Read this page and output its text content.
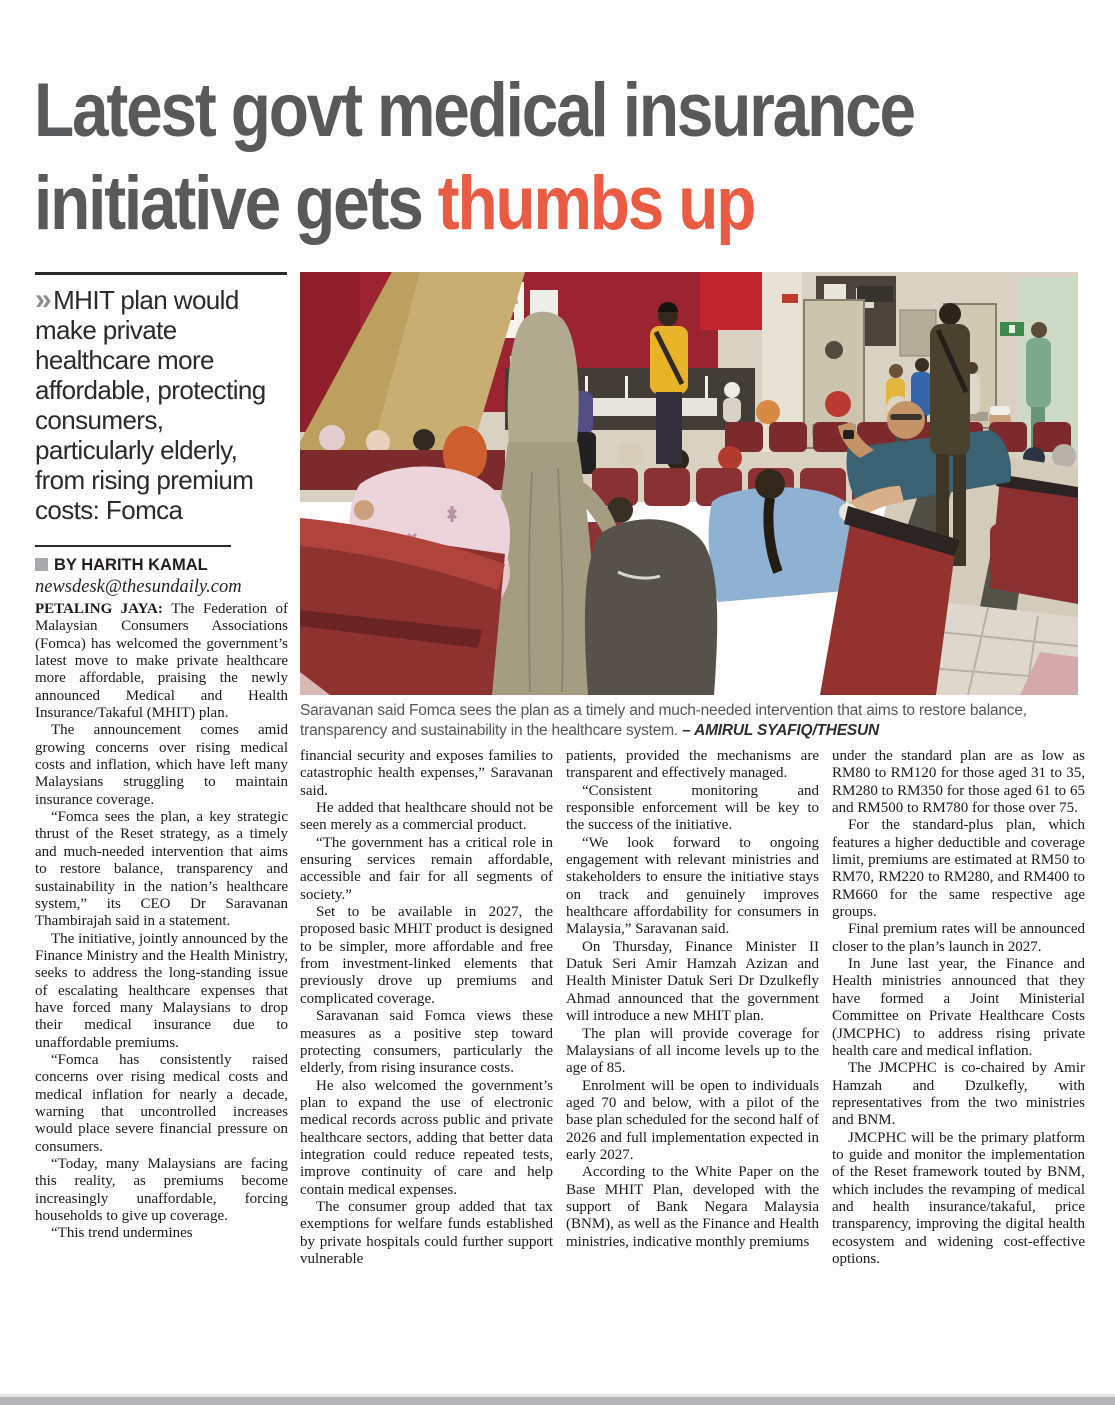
Latest govt medical insurance
initiative gets thumbs up
»MHIT plan would make private healthcare more affordable, protecting consumers, particularly elderly, from rising premium costs: Fomca
BY HARITH KAMAL
newsdesk@thesundaily.com
Saravanan said Fomca sees the plan as a timely and much-needed intervention that aims to restore balance, transparency and sustainability in the healthcare system. – AMIRUL SYAFIQ/THESUN

PETALING JAYA: The Federation of Malaysian Consumers Associations (Fomca) has welcomed the government’s latest move to make private healthcare more affordable, praising the newly announced Medical and Health Insurance/Takaful (MHIT) plan.

The announcement comes amid growing concerns over rising medical costs and inflation, which have left many Malaysians struggling to maintain insurance coverage.

“Fomca sees the plan, a key strategic thrust of the Reset strategy, as a timely and much-needed intervention that aims to restore balance, transparency and sustainability in the nation’s healthcare system,” its CEO Dr Saravanan Thambirajah said in a statement.

The initiative, jointly announced by the Finance Ministry and the Health Ministry, seeks to address the long-standing issue of escalating healthcare expenses that have forced many Malaysians to drop their medical insurance due to unaffordable premiums.

“Fomca has consistently raised concerns over rising medical costs and medical inflation for nearly a decade, warning that uncontrolled increases would place severe financial pressure on consumers.

“Today, many Malaysians are facing this reality, as premiums become increasingly unaffordable, forcing households to give up coverage.

“This trend undermines

financial security and exposes families to catastrophic health expenses,” Saravanan said.

He added that healthcare should not be seen merely as a commercial product.

“The government has a critical role in ensuring services remain affordable, accessible and fair for all segments of society.”

Set to be available in 2027, the proposed basic MHIT product is designed to be simpler, more affordable and free from investment-linked elements that previously drove up premiums and complicated coverage.

Saravanan said Fomca views these measures as a positive step toward protecting consumers, particularly the elderly, from rising insurance costs.

He also welcomed the government’s plan to expand the use of electronic medical records across public and private healthcare sectors, adding that better data integration could reduce repeated tests, improve continuity of care and help contain medical expenses.

The consumer group added that tax exemptions for welfare funds established by private hospitals could further support vulnerable

patients, provided the mechanisms are transparent and effectively managed.

“Consistent monitoring and responsible enforcement will be key to the success of the initiative.

“We look forward to ongoing engagement with relevant ministries and stakeholders to ensure the initiative stays on track and genuinely improves healthcare affordability for consumers in Malaysia,” Saravanan said.

On Thursday, Finance Minister II Datuk Seri Amir Hamzah Azizan and Health Minister Datuk Seri Dr Dzulkefly Ahmad announced that the government will introduce a new MHIT plan.

The plan will provide coverage for Malaysians of all income levels up to the age of 85.

Enrolment will be open to individuals aged 70 and below, with a pilot of the base plan scheduled for the second half of 2026 and full implementation expected in early 2027.

According to the White Paper on the Base MHIT Plan, developed with the support of Bank Negara Malaysia (BNM), as well as the Finance and Health ministries, indicative monthly premiums

under the standard plan are as low as RM80 to RM120 for those aged 31 to 35, RM280 to RM350 for those aged 61 to 65 and RM500 to RM780 for those over 75.

For the standard-plus plan, which features a higher deductible and coverage limit, premiums are estimated at RM50 to RM70, RM220 to RM280, and RM400 to RM660 for the same respective age groups.

Final premium rates will be announced closer to the plan’s launch in 2027.

In June last year, the Finance and Health ministries announced that they have formed a Joint Ministerial Committee on Private Healthcare Costs (JMCPHC) to address rising private health care and medical inflation.

The JMCPHC is co-chaired by Amir Hamzah and Dzulkefly, with representatives from the two ministries and BNM.

JMCPHC will be the primary platform to guide and monitor the implementation of the Reset framework touted by BNM, which includes the revamping of medical and health insurance/takaful, price transparency, improving the digital health ecosystem and widening cost-effective options.
